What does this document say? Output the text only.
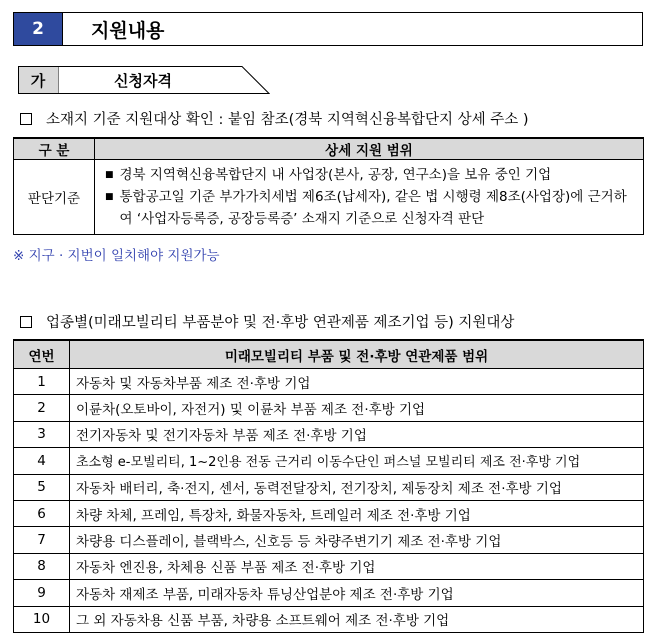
2	지원내용
가	신청자격
소재지 기준 지원대상 확인 : 붙임 참조(경북 지역혁신융복합단지 상세 주소 )
구 분	상세 지원 범위
판단기준	■ 경북 지역혁신융복합단지 내 사업장(본사, 공장, 연구소)을 보유 중인 기업
■ 통합공고일 기준 부가가치세법 제6조(납세자), 같은 법 시행령 제8조(사업장)에 근거하여 ‘사업자등록증, 공장등록증’ 소재지 기준으로 신청자격 판단
※ 지구 · 지번이 일치해야 지원가능
업종별(미래모빌리티 부품분야 및 전·후방 연관제품 제조기업 등) 지원대상
연번	미래모빌리티 부품 및 전·후방 연관제품 범위
1	자동차 및 자동차부품 제조 전·후방 기업
2	이륜차(오토바이, 자전거) 및 이륜차 부품 제조 전·후방 기업
3	전기자동차 및 전기자동차 부품 제조 전·후방 기업
4	초소형 e-모빌리티, 1~2인용 전동 근거리 이동수단인 퍼스널 모빌리티 제조 전·후방 기업
5	자동차 배터리, 축·전지, 센서, 동력전달장치, 전기장치, 제동장치 제조 전·후방 기업
6	차량 차체, 프레임, 특장차, 화물자동차, 트레일러 제조 전·후방 기업
7	차량용 디스플레이, 블랙박스, 신호등 등 차량주변기기 제조 전·후방 기업
8	자동차 엔진용, 차체용 신품 부품 제조 전·후방 기업
9	자동차 재제조 부품, 미래자동차 튜닝산업분야 제조 전·후방 기업
10	그 외 자동차용 신품 부품, 차량용 소프트웨어 제조 전·후방 기업
